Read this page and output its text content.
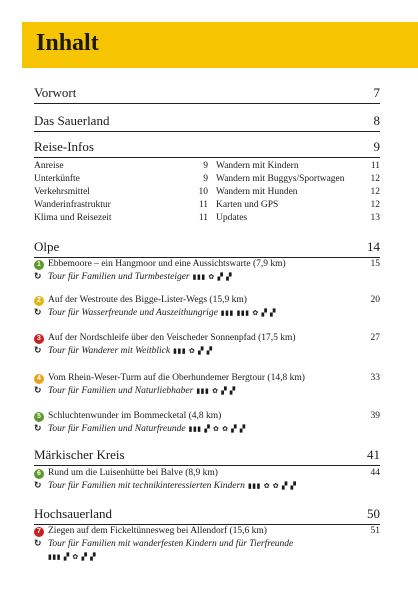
Inhalt
Vorwort	7
Das Sauerland	8
Reise-Infos	9
Anreise	9
Unterkünfte	9
Verkehrsmittel	10
Wanderinfrastruktur	11
Klima und Reisezeit	11
Wandern mit Kindern	11
Wandern mit Buggys/Sportwagen	12
Wandern mit Hunden	12
Karten und GPS	12
Updates	13
Olpe	14
1 Ebbemoore – ein Hangmoor und eine Aussichtswarte (7,9 km)	15
↻ Tour für Familien und Turmbesteiger ▮▮▮ ✿ ▞ ▞
2 Auf der Westroute des Bigge-Lister-Wegs (15,9 km)	20
↻ Tour für Wasserfreunde und Auszeithungrige ▮▮▮ ▮▮▮ ✿ ▞ ▞
3 Auf der Nordschleife über den Veischeder Sonnenpfad (17,5 km)	27
↻ Tour für Wanderer mit Weitblick ▮▮▮ ✿ ▞ ▞
4 Vom Rhein-Weser-Turm auf die Oberhundemer Bergtour (14,8 km)	33
↻ Tour für Familien und Naturliebhaber ▮▮▮ ✿ ▞ ▞
5 Schluchtenwunder im Bommecketal (4,8 km)	39
↻ Tour für Familien und Naturfreunde ▮▮▮ ▞ ✿ ✿ ▞ ▞
Märkischer Kreis	41
6 Rund um die Luisenhütte bei Balve (8,9 km)	44
↻ Tour für Familien mit technikinteressierten Kindern ▮▮▮ ✿ ✿ ▞ ▞
Hochsauerland	50
7 Ziegen auf dem Fickeltünnesweg bei Allendorf (15,6 km)	51
↻ Tour für Familien mit wanderfesten Kindern und für Tierfreunde
▮▮▮ ▞ ✿ ▞ ▞
